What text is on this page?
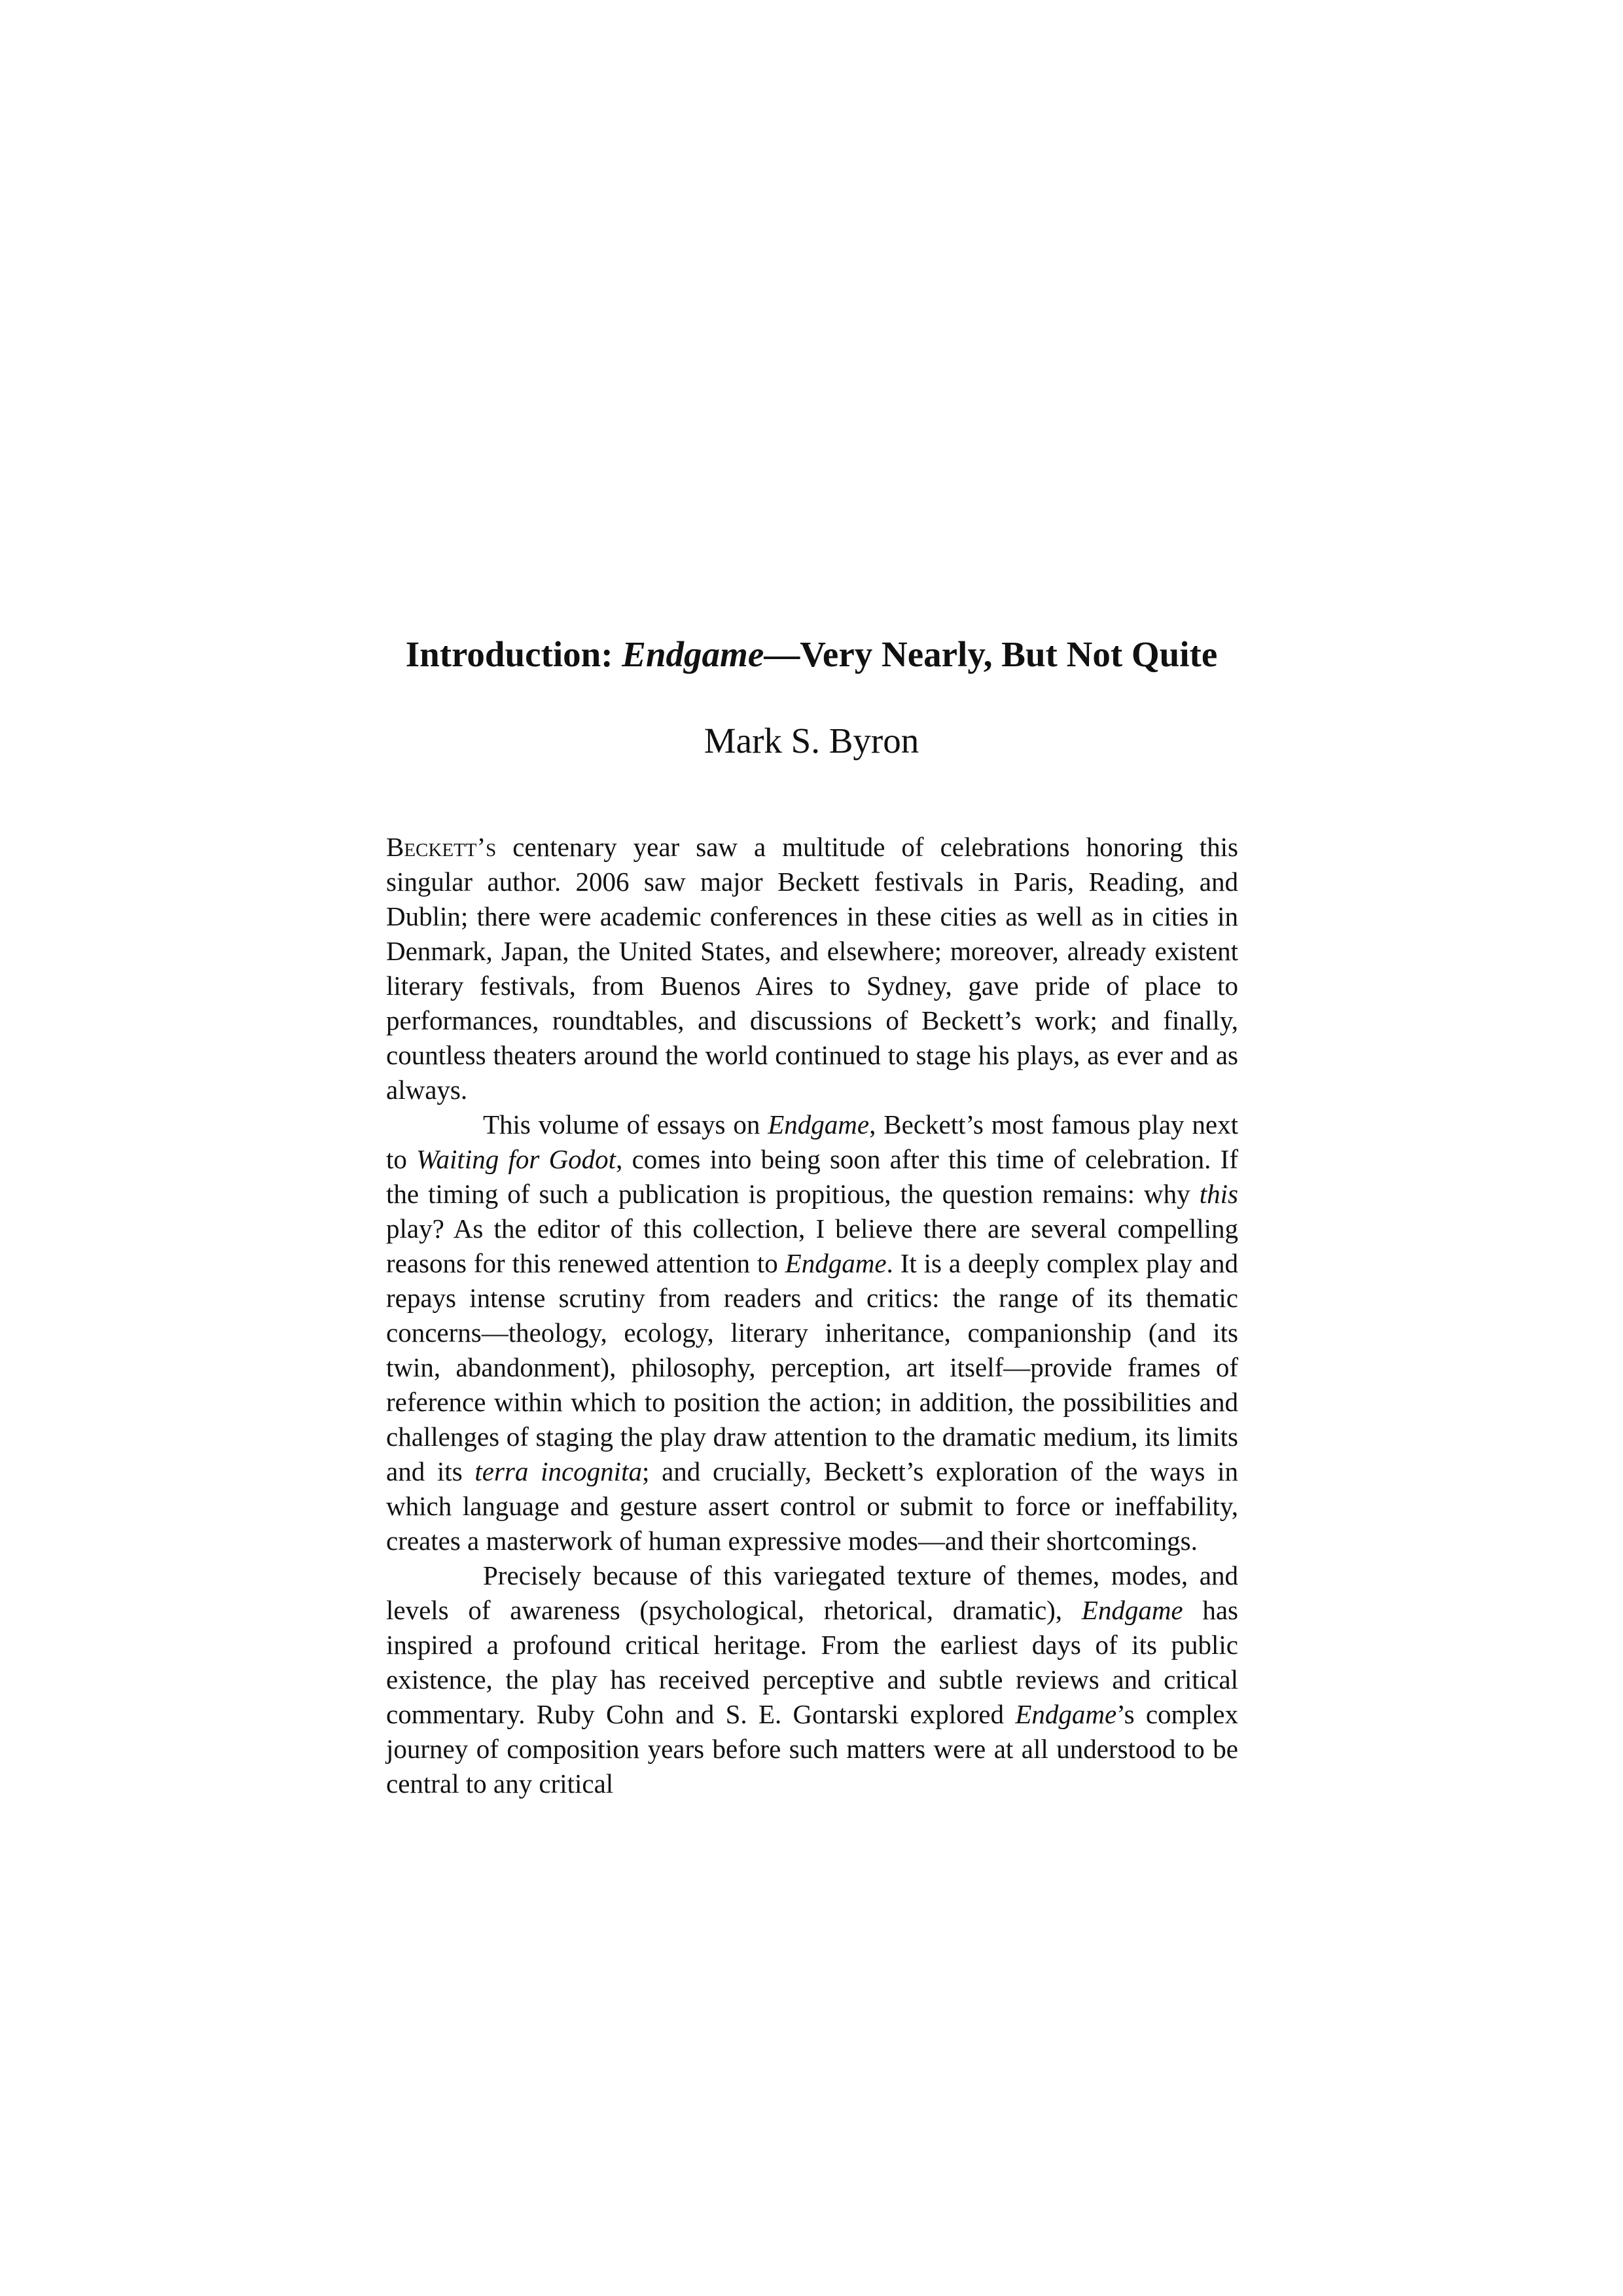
Introduction: Endgame—Very Nearly, But Not Quite
Mark S. Byron

Beckett’s centenary year saw a multitude of celebrations honoring this singular author. 2006 saw major Beckett festivals in Paris, Reading, and Dublin; there were academic conferences in these cities as well as in cities in Denmark, Japan, the United States, and elsewhere; moreover, already existent literary festivals, from Buenos Aires to Sydney, gave pride of place to performances, roundtables, and discussions of Beckett’s work; and finally, countless theaters around the world continued to stage his plays, as ever and as always.

This volume of essays on Endgame, Beckett’s most famous play next to Waiting for Godot, comes into being soon after this time of celebration. If the timing of such a publication is propitious, the question remains: why this play? As the editor of this collection, I believe there are several compelling reasons for this renewed attention to Endgame. It is a deeply complex play and repays intense scrutiny from readers and critics: the range of its thematic concerns—theology, ecology, literary inheritance, companionship (and its twin, abandonment), philosophy, perception, art itself—provide frames of reference within which to position the action; in addition, the possibilities and challenges of staging the play draw attention to the dramatic medium, its limits and its terra incognita; and crucially, Beckett’s exploration of the ways in which language and gesture assert control or submit to force or ineffability, creates a masterwork of human expressive modes—and their shortcomings.

Precisely because of this variegated texture of themes, modes, and levels of awareness (psychological, rhetorical, dramatic), Endgame has inspired a profound critical heritage. From the earliest days of its public existence, the play has received perceptive and subtle reviews and critical commentary. Ruby Cohn and S. E. Gontarski explored Endgame’s complex journey of composition years before such matters were at all understood to be central to any critical
